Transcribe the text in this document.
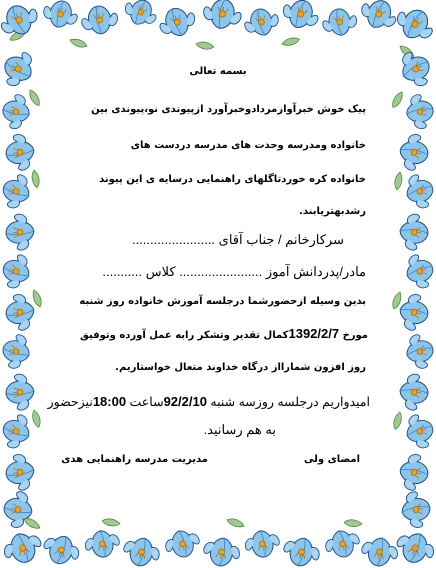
بسمه تعالی
پیک خوش خبرآوازمردادوخبرآورد ازپیوندی نو،پیوندی بین
خانواده ومدرسه وحدت های مدرسه دردست های
خانواده کره خوردتاگلهای راهنمایی درسایه ی این پیوند
رشدبهتریابند.
سرکارخانم / جناب آقای .......................
مادر/پدردانش آموز ....................... کلاس ...........
بدین وسیله ازحضورشما درجلسه آموزش خانواده روز شنبه
مورخ 1392/2/7کمال تقدیر وتشکر رابه عمل آورده وتوفیق
روز افزون شمارااز درگاه خداوند متعال خواستاریم.
امیدواریم درجلسه روزسه شنبه 92/2/10ساعت 18:00نیزحضور
به هم رسانید.
امضای ولی
مدیریت مدرسه راهنمایی هدی
